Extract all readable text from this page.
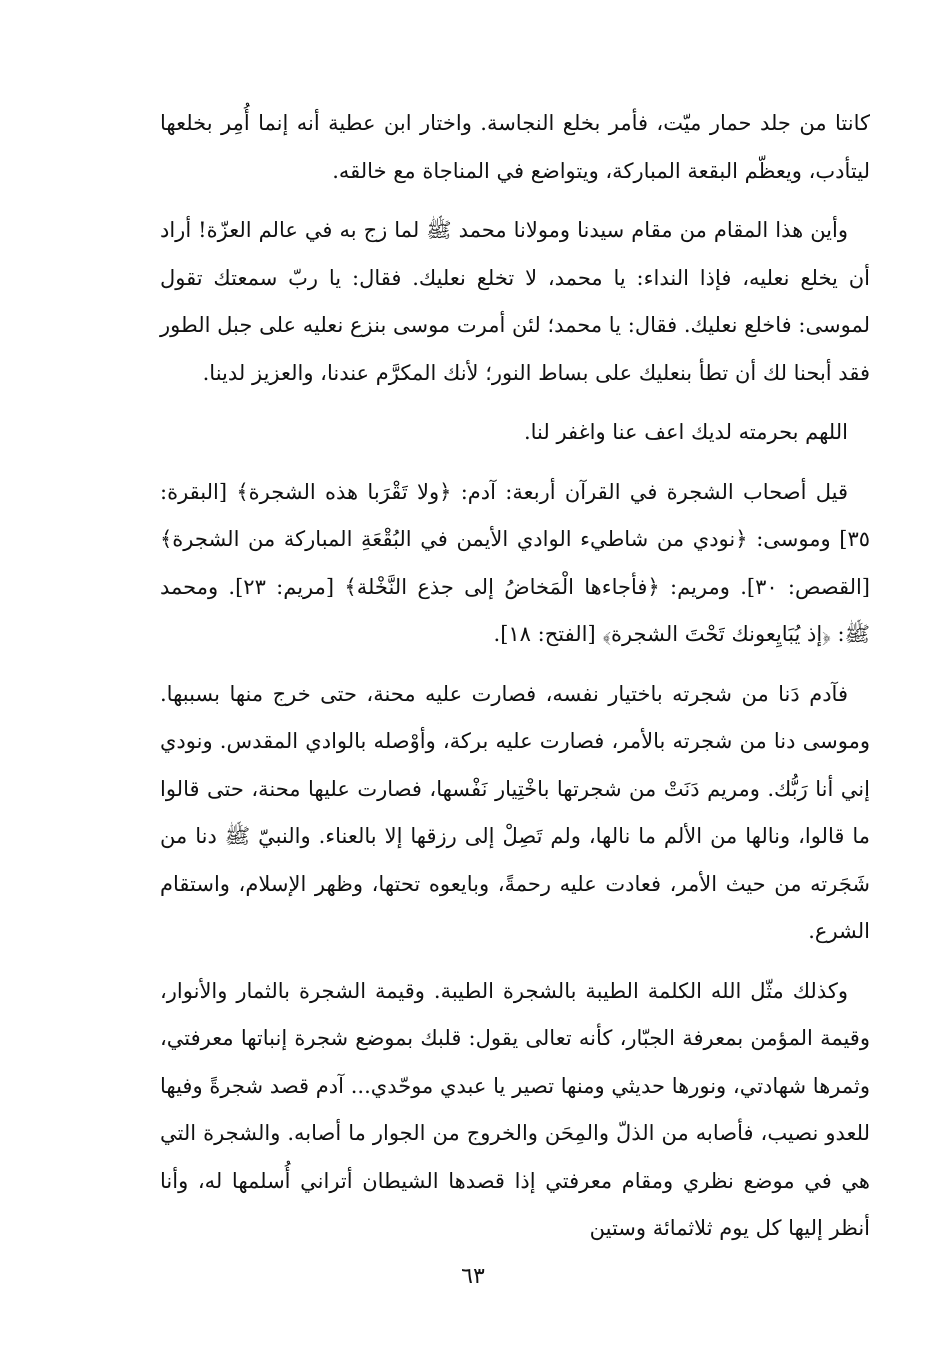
كانتا من جلد حمار ميّت، فأمر بخلع النجاسة. واختار ابن عطية أنه إنما أُمِر بخلعها ليتأدب، ويعظّم البقعة المباركة، ويتواضع في المناجاة مع خالقه.

وأين هذا المقام من مقام سيدنا ومولانا محمد ﷺ لما زج به في عالم العزّة! أراد أن يخلع نعليه، فإذا النداء: يا محمد، لا تخلع نعليك. فقال: يا ربّ سمعتك تقول لموسى: فاخلع نعليك. فقال: يا محمد؛ لئن أمرت موسى بنزع نعليه على جبل الطور فقد أبحنا لك أن تطأ بنعليك على بساط النور؛ لأنك المكرَّم عندنا، والعزيز لدينا.

اللهم بحرمته لديك اعف عنا واغفر لنا.

قيل أصحاب الشجرة في القرآن أربعة: آدم: ﴿ولا تَقْرَبا هذه الشجرة﴾ [البقرة: ٣٥] وموسى: ﴿نودي من شاطيء الوادي الأيمن في البُقْعَةِ المباركة من الشجرة﴾ [القصص: ٣٠]. ومريم: ﴿فأجاءها الْمَخاضُ إلى جذع النَّخْلة﴾ [مريم: ٢٣]. ومحمد ﷺ: ﴿إذ يُبَايِعونك تَحْتَ الشجرة﴾ [الفتح: ١٨].

فآدم دَنا من شجرته باختيار نفسه، فصارت عليه محنة، حتى خرج منها بسببها. وموسى دنا من شجرته بالأمر، فصارت عليه بركة، وأوْصله بالوادي المقدس. ونودي إني أنا رَبُّك. ومريم دَنَتْ من شجرتها باخْتِيار نَفْسها، فصارت عليها محنة، حتى قالوا ما قالوا، ونالها من الألم ما نالها، ولم تَصِلْ إلى رزقها إلا بالعناء. والنبيّ ﷺ دنا من شَجَرته من حيث الأمر، فعادت عليه رحمةً، وبايعوه تحتها، وظهر الإسلام، واستقام الشرع.

وكذلك مثّل الله الكلمة الطيبة بالشجرة الطيبة. وقيمة الشجرة بالثمار والأنوار، وقيمة المؤمن بمعرفة الجبّار، كأنه تعالى يقول: قلبك بموضع شجرة إنباتها معرفتي، وثمرها شهادتي، ونورها حديثي ومنها تصير يا عبدي موحّدي... آدم قصد شجرةً وفيها للعدو نصيب، فأصابه من الذلّ والمِحَن والخروج من الجوار ما أصابه. والشجرة التي هي في موضع نظري ومقام معرفتي إذا قصدها الشيطان أتراني أُسلمها له، وأنا أنظر إليها كل يوم ثلاثمائة وستين

٦٣
